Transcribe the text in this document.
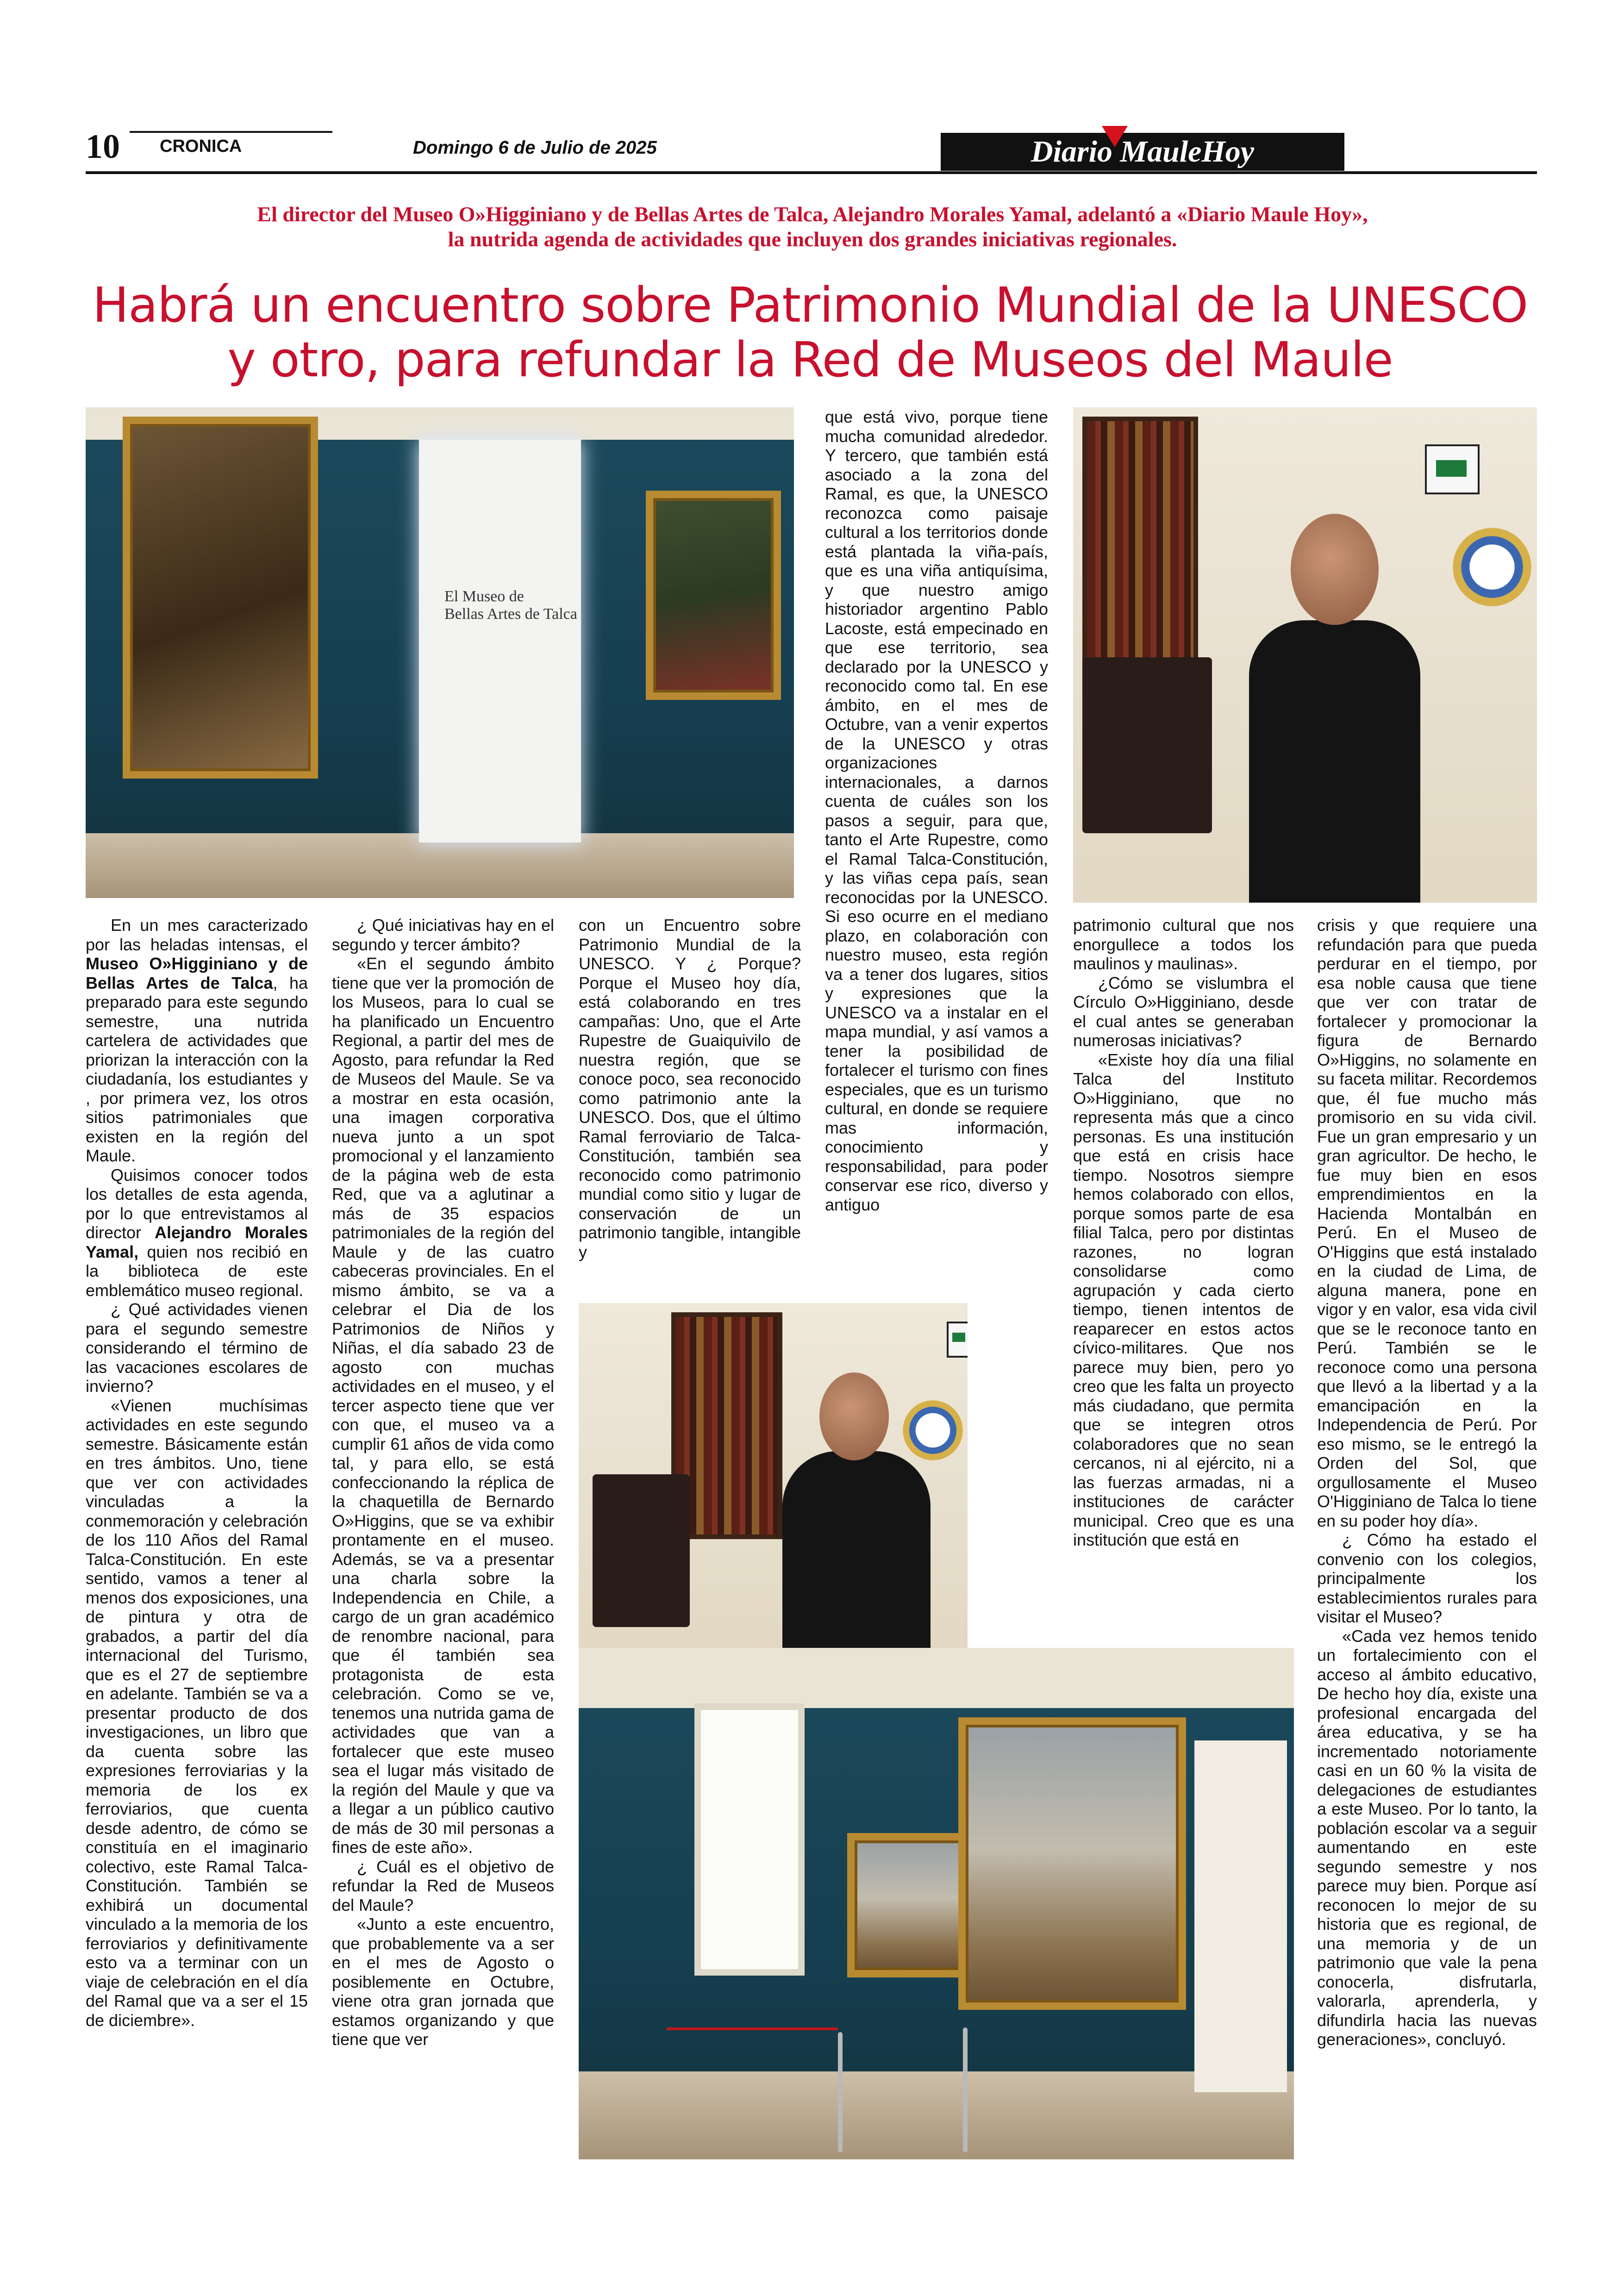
10	CRONICA	Domingo 6 de Julio de 2025	Diario MauleHoy
El director del Museo O»Higginiano y de Bellas Artes de Talca, Alejandro Morales Yamal, adelantó a «Diario Maule Hoy»,
la nutrida agenda de actividades que incluyen dos grandes iniciativas regionales.
Habrá un encuentro sobre Patrimonio Mundial de la UNESCO
y otro, para refundar la Red de Museos del Maule
El Museo de
Bellas Artes de Talca

En un mes caracterizado por las heladas intensas, el Museo O»Higginiano y de Bellas Artes de Talca, ha preparado para este segundo semestre, una nutrida cartelera de actividades que priorizan la interacción con la ciudadanía, los estudiantes y , por primera vez, los otros sitios patrimoniales que existen en la región del Maule.

Quisimos conocer todos los detalles de esta agenda, por lo que entrevistamos al director Alejandro Morales Yamal, quien nos recibió en la biblioteca de este emblemático museo regional.

¿ Qué actividades vienen para el segundo semestre considerando el término de las vacaciones escolares de invierno?

«Vienen muchísimas actividades en este segundo semestre. Básicamente están en tres ámbitos. Uno, tiene que ver con actividades vinculadas a la conmemoración y celebración de los 110 Años del Ramal Talca-Constitución. En este sentido, vamos a tener al menos dos exposiciones, una de pintura y otra de grabados, a partir del día internacional del Turismo, que es el 27 de septiembre en adelante. También se va a presentar producto de dos investigaciones, un libro que da cuenta sobre las expresiones ferroviarias y la memoria de los ex ferroviarios, que cuenta desde adentro, de cómo se constituía en el imaginario colectivo, este Ramal Talca- Constitución. También se exhibirá un documental vinculado a la memoria de los ferroviarios y definitivamente esto va a terminar con un viaje de celebración en el día del Ramal que va a ser el 15 de diciembre».

¿ Qué iniciativas hay en el segundo y tercer ámbito?

«En el segundo ámbito tiene que ver la promoción de los Museos, para lo cual se ha planificado un Encuentro Regional, a partir del mes de Agosto, para refundar la Red de Museos del Maule. Se va a mostrar en esta ocasión, una imagen corporativa nueva junto a un spot promocional y el lanzamiento de la página web de esta Red, que va a aglutinar a más de 35 espacios patrimoniales de la región del Maule y de las cuatro cabeceras provinciales. En el mismo ámbito, se va a celebrar el Dia de los Patrimonios de Niños y Niñas, el día sabado 23 de agosto con muchas actividades en el museo, y el tercer aspecto tiene que ver con que, el museo va a cumplir 61 años de vida como tal, y para ello, se está confeccionando la réplica de la chaquetilla de Bernardo O»Higgins, que se va exhibir prontamente en el museo. Además, se va a presentar una charla sobre la Independencia en Chile, a cargo de un gran académico de renombre nacional, para que él también sea protagonista de esta celebración. Como se ve, tenemos una nutrida gama de actividades que van a fortalecer que este museo sea el lugar más visitado de la región del Maule y que va a llegar a un público cautivo de más de 30 mil personas a fines de este año».

¿ Cuál es el objetivo de refundar la Red de Museos del Maule?

«Junto a este encuentro, que probablemente va a ser en el mes de Agosto o posiblemente en Octubre, viene otra gran jornada que estamos organizando y que tiene que ver

con un Encuentro sobre Patrimonio Mundial de la UNESCO. Y ¿ Porque? Porque el Museo hoy día, está colaborando en tres campañas: Uno, que el Arte Rupestre de Guaiquivilo de nuestra región, que se conoce poco, sea reconocido como patrimonio ante la UNESCO. Dos, que el último Ramal ferroviario de Talca-Constitución, también sea reconocido como patrimonio mundial como sitio y lugar de conservación de un patrimonio tangible, intangible y

que está vivo, porque tiene mucha comunidad alrededor. Y tercero, que también está asociado a la zona del Ramal, es que, la UNESCO reconozca como paisaje cultural a los territorios donde está plantada la viña-país, que es una viña antiquísima, y que nuestro amigo historiador argentino Pablo Lacoste, está empecinado en que ese territorio, sea declarado por la UNESCO y reconocido como tal. En ese ámbito, en el mes de Octubre, van a venir expertos de la UNESCO y otras organizaciones internacionales, a darnos cuenta de cuáles son los pasos a seguir, para que, tanto el Arte Rupestre, como el Ramal Talca-Constitución, y las viñas cepa país, sean reconocidas por la UNESCO. Si eso ocurre en el mediano plazo, en colaboración con nuestro museo, esta región va a tener dos lugares, sitios y expresiones que la UNESCO va a instalar en el mapa mundial, y así vamos a tener la posibilidad de fortalecer el turismo con fines especiales, que es un turismo cultural, en donde se requiere mas información, conocimiento y responsabilidad, para poder conservar ese rico, diverso y antiguo

patrimonio cultural que nos enorgullece a todos los maulinos y maulinas».

¿Cómo se vislumbra el Círculo O»Higginiano, desde el cual antes se generaban numerosas iniciativas?

«Existe hoy día una filial Talca del Instituto O»Higginiano, que no representa más que a cinco personas. Es una institución que está en crisis hace tiempo. Nosotros siempre hemos colaborado con ellos, porque somos parte de esa filial Talca, pero por distintas razones, no logran consolidarse como agrupación y cada cierto tiempo, tienen intentos de reaparecer en estos actos cívico-militares. Que nos parece muy bien, pero yo creo que les falta un proyecto más ciudadano, que permita que se integren otros colaboradores que no sean cercanos, ni al ejército, ni a las fuerzas armadas, ni a instituciones de carácter municipal. Creo que es una institución que está en

crisis y que requiere una refundación para que pueda perdurar en el tiempo, por esa noble causa que tiene que ver con tratar de fortalecer y promocionar la figura de Bernardo O»Higgins, no solamente en su faceta militar. Recordemos que, él fue mucho más promisorio en su vida civil. Fue un gran empresario y un gran agricultor. De hecho, le fue muy bien en esos emprendimientos en la Hacienda Montalbán en Perú. En el Museo de O'Higgins que está instalado en la ciudad de Lima, de alguna manera, pone en vigor y en valor, esa vida civil que se le reconoce tanto en Perú. También se le reconoce como una persona que llevó a la libertad y a la emancipación en la Independencia de Perú. Por eso mismo, se le entregó la Orden del Sol, que orgullosamente el Museo O'Higginiano de Talca lo tiene en su poder hoy día».

¿ Cómo ha estado el convenio con los colegios, principalmente los establecimientos rurales para visitar el Museo?

«Cada vez hemos tenido un fortalecimiento con el acceso al ámbito educativo, De hecho hoy día, existe una profesional encargada del área educativa, y se ha incrementado notoriamente casi en un 60 % la visita de delegaciones de estudiantes a este Museo. Por lo tanto, la población escolar va a seguir aumentando en este segundo semestre y nos parece muy bien. Porque así reconocen lo mejor de su historia que es regional, de una memoria y de un patrimonio que vale la pena conocerla, disfrutarla, valorarla, aprenderla, y difundirla hacia las nuevas generaciones», concluyó.
